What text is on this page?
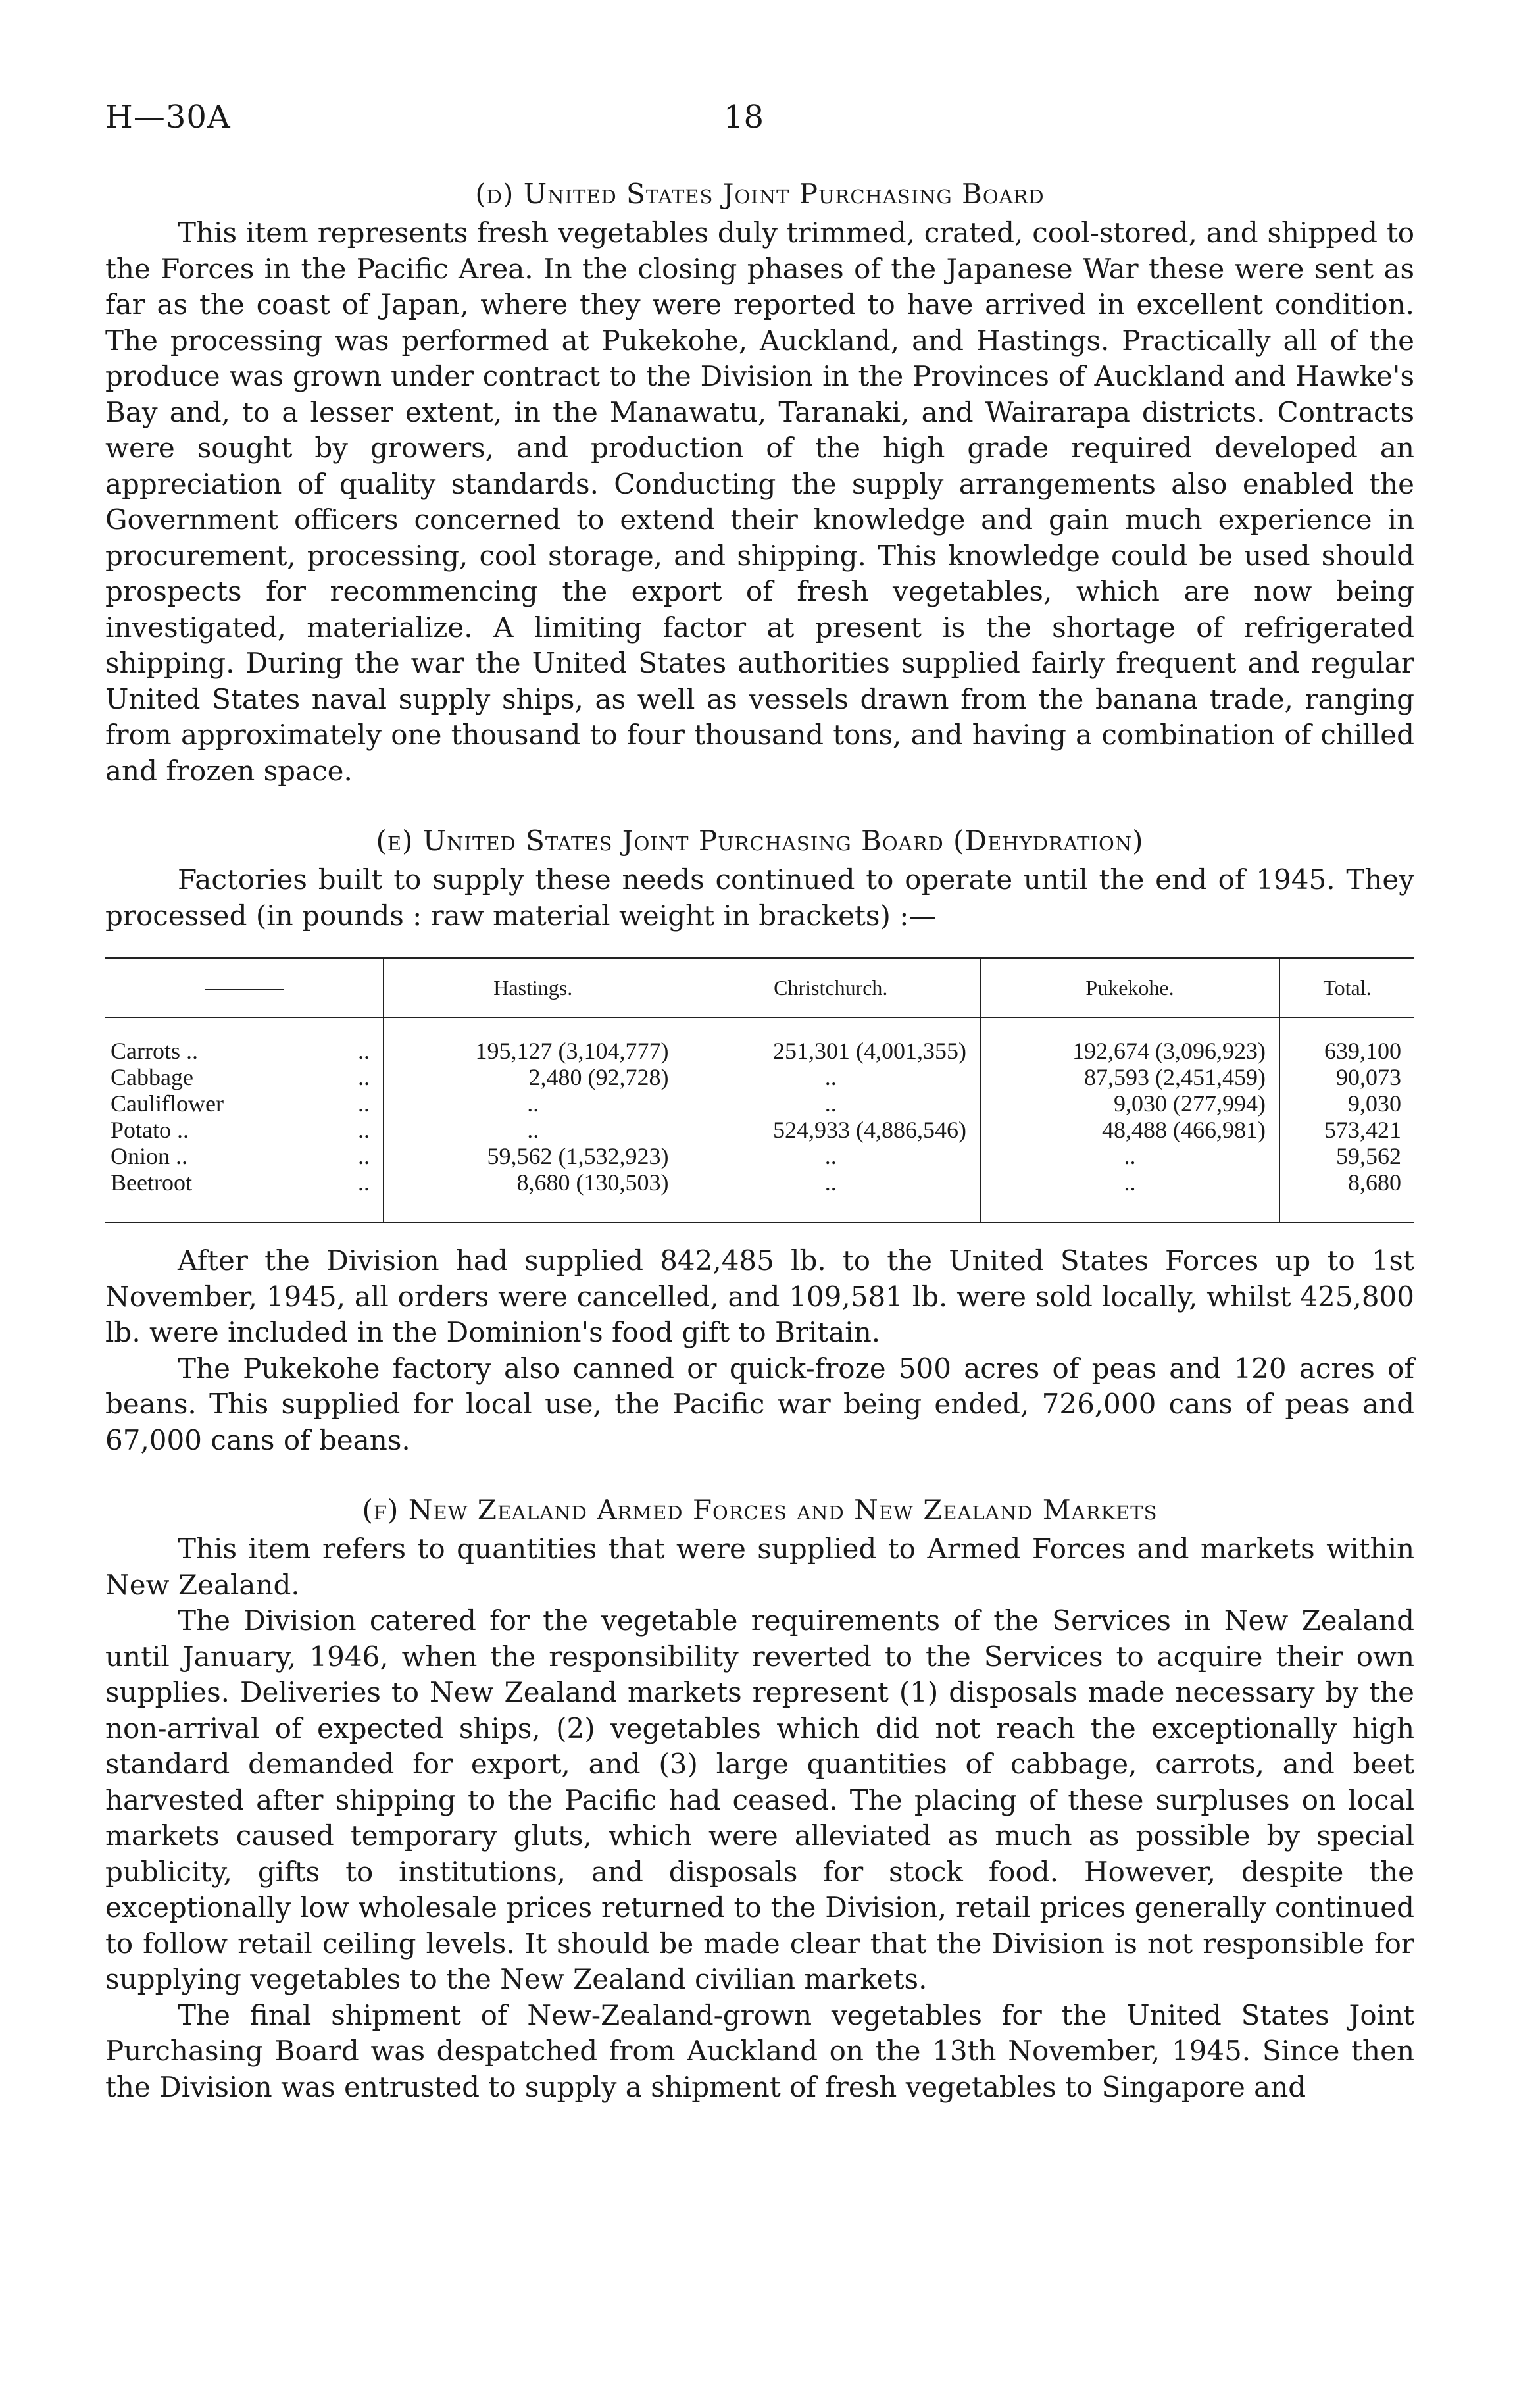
H—30A	18
(d) United States Joint Purchasing Board

This item represents fresh vegetables duly trimmed, crated, cool-stored, and shipped to the Forces in the Pacific Area. In the closing phases of the Japanese War these were sent as far as the coast of Japan, where they were reported to have arrived in excellent condition. The processing was performed at Pukekohe, Auckland, and Hastings. Practically all of the produce was grown under contract to the Division in the Provinces of Auckland and Hawke's Bay and, to a lesser extent, in the Manawatu, Taranaki, and Wairarapa districts. Contracts were sought by growers, and production of the high grade required developed an appreciation of quality standards. Conducting the supply arrangements also enabled the Government officers concerned to extend their knowledge and gain much experience in procurement, processing, cool storage, and shipping. This knowledge could be used should prospects for recommencing the export of fresh vegetables, which are now being investigated, materialize. A limiting factor at present is the shortage of refrigerated shipping. During the war the United States authorities supplied fairly frequent and regular United States naval supply ships, as well as vessels drawn from the banana trade, ranging from approximately one thousand to four thousand tons, and having a combination of chilled and frozen space.

(e) United States Joint Purchasing Board (Dehydration)

Factories built to supply these needs continued to operate until the end of 1945. They processed (in pounds : raw material weight in brackets) :—

	Hastings.	Christchurch.	Pukekohe.	Total.
Carrots .. ..	195,127 (3,104,777)	251,301 (4,001,355)	192,674 (3,096,923)	639,100
Cabbage ..	2,480 (92,728)	..	87,593 (2,451,459)	90,073
Cauliflower ..	..	..	9,030 (277,994)	9,030
Potato .. ..	..	524,933 (4,886,546)	48,488 (466,981)	573,421
Onion .. ..	59,562 (1,532,923)	..	..	59,562
Beetroot ..	8,680 (130,503)	..	..	8,680

After the Division had supplied 842,485 lb. to the United States Forces up to 1st November, 1945, all orders were cancelled, and 109,581 lb. were sold locally, whilst 425,800 lb. were included in the Dominion's food gift to Britain.

The Pukekohe factory also canned or quick-froze 500 acres of peas and 120 acres of beans. This supplied for local use, the Pacific war being ended, 726,000 cans of peas and 67,000 cans of beans.

(f) New Zealand Armed Forces and New Zealand Markets

This item refers to quantities that were supplied to Armed Forces and markets within New Zealand.

The Division catered for the vegetable requirements of the Services in New Zealand until January, 1946, when the responsibility reverted to the Services to acquire their own supplies. Deliveries to New Zealand markets represent (1) disposals made necessary by the non-arrival of expected ships, (2) vegetables which did not reach the exceptionally high standard demanded for export, and (3) large quantities of cabbage, carrots, and beet harvested after shipping to the Pacific had ceased. The placing of these surpluses on local markets caused temporary gluts, which were alleviated as much as possible by special publicity, gifts to institutions, and disposals for stock food. However, despite the exceptionally low wholesale prices returned to the Division, retail prices generally continued to follow retail ceiling levels. It should be made clear that the Division is not responsible for supplying vegetables to the New Zealand civilian markets.

The final shipment of New-Zealand-grown vegetables for the United States Joint Purchasing Board was despatched from Auckland on the 13th November, 1945. Since then the Division was entrusted to supply a shipment of fresh vegetables to Singapore and
